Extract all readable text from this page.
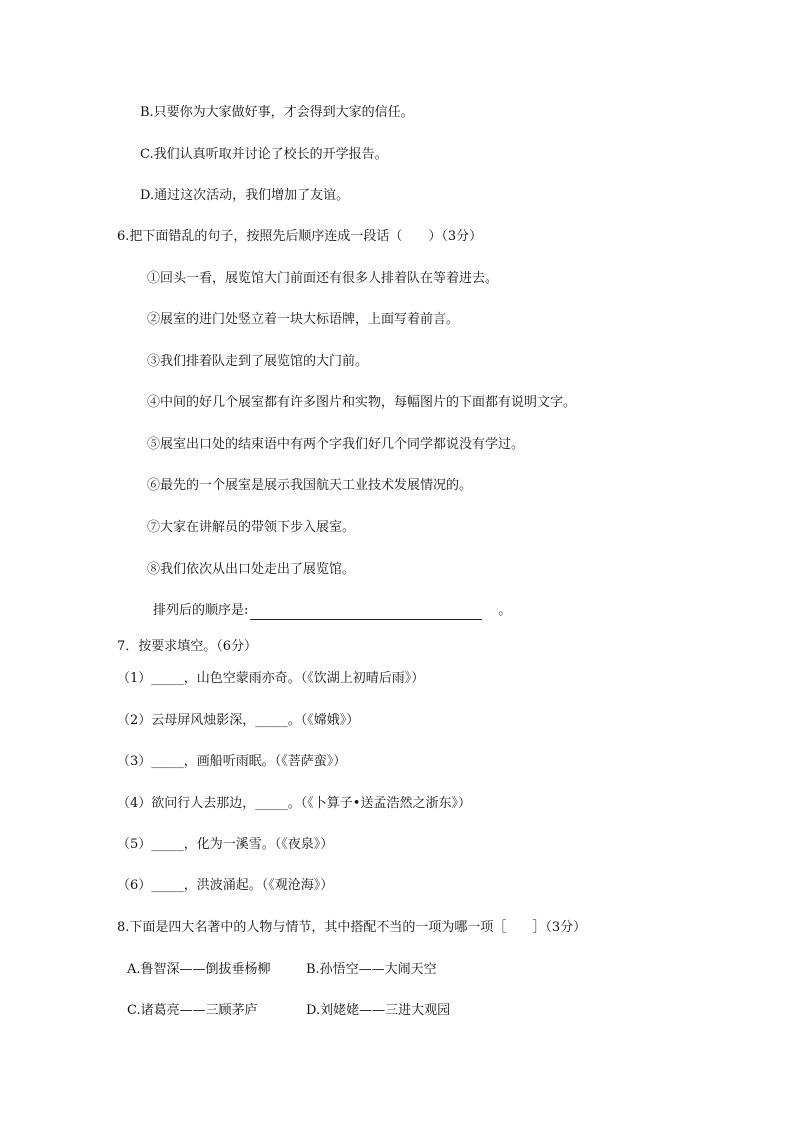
B.只要你为大家做好事，才会得到大家的信任。
C.我们认真听取并讨论了校长的开学报告。
D.通过这次活动，我们增加了友谊。
6.把下面错乱的句子，按照先后顺序连成一段话（　　）（3分）
①回头一看，展览馆大门前面还有很多人排着队在等着进去。
②展室的进门处竖立着一块大标语牌，上面写着前言。
③我们排着队走到了展览馆的大门前。
④中间的好几个展室都有许多图片和实物，每幅图片的下面都有说明文字。
⑤展室出口处的结束语中有两个字我们好几个同学都说没有学过。
⑥最先的一个展室是展示我国航天工业技术发展情况的。
⑦大家在讲解员的带领下步入展室。
⑧我们依次从出口处走出了展览馆。
排列后的顺序是:	。
7．按要求填空。（6分）
（1）_____，山色空蒙雨亦奇。（《饮湖上初晴后雨》）
（2）云母屏风烛影深，_____。（《嫦娥》）
（3）_____，画船听雨眠。（《菩萨蛮》）
（4）欲问行人去那边，_____。（《卜算子•送孟浩然之浙东》）
（5）_____，化为一溪雪。（《夜泉》）
（6）_____，洪波涌起。（《观沧海》）
8.下面是四大名著中的人物与情节，其中搭配不当的一项为哪一项［　　］（3分）
A.鲁智深——倒拔垂杨柳	B.孙悟空——大闹天空
C.诸葛亮——三顾茅庐	D.刘姥姥——三进大观园
